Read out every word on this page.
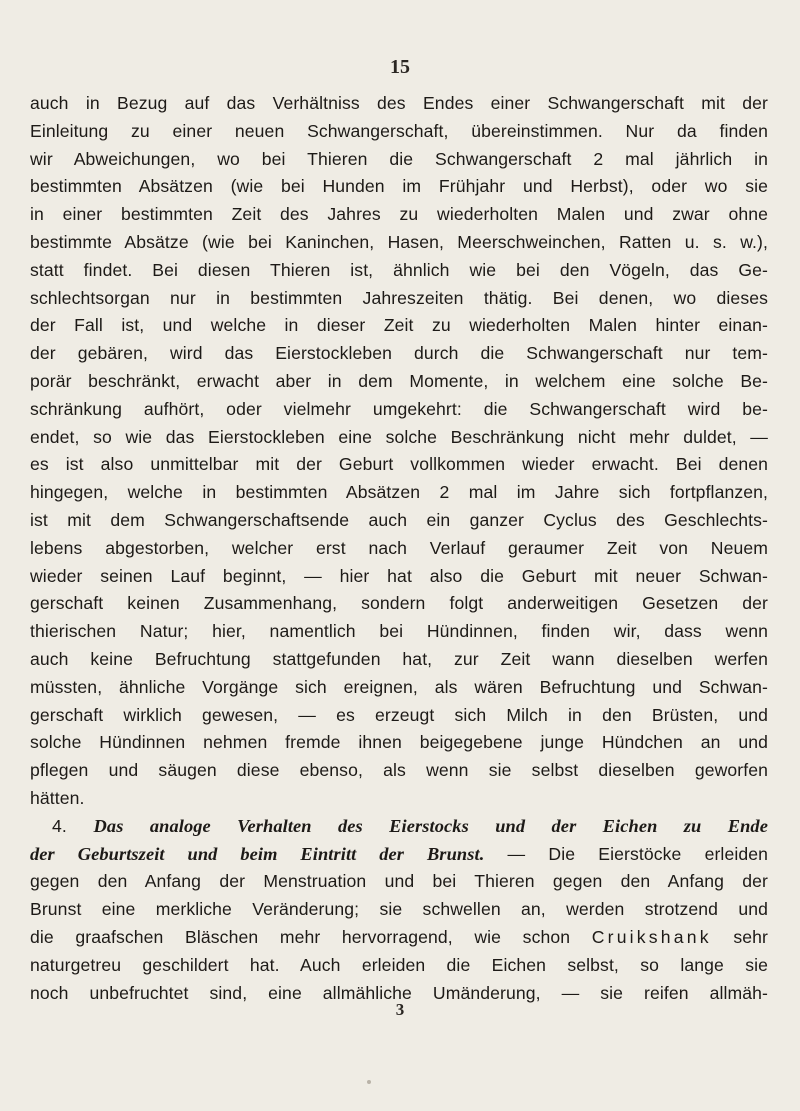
15
auch in Bezug auf das Verhältniss des Endes einer Schwangerschaft mit der
Einleitung zu einer neuen Schwangerschaft, übereinstimmen. Nur da finden
wir Abweichungen, wo bei Thieren die Schwangerschaft 2 mal jährlich in
bestimmten Absätzen (wie bei Hunden im Frühjahr und Herbst), oder wo sie
in einer bestimmten Zeit des Jahres zu wiederholten Malen und zwar ohne
bestimmte Absätze (wie bei Kaninchen, Hasen, Meerschweinchen, Ratten u. s. w.),
statt findet. Bei diesen Thieren ist, ähnlich wie bei den Vögeln, das Ge-
schlechtsorgan nur in bestimmten Jahreszeiten thätig. Bei denen, wo dieses
der Fall ist, und welche in dieser Zeit zu wiederholten Malen hinter einan-
der gebären, wird das Eierstockleben durch die Schwangerschaft nur tem-
porär beschränkt, erwacht aber in dem Momente, in welchem eine solche Be-
schränkung aufhört, oder vielmehr umgekehrt: die Schwangerschaft wird be-
endet, so wie das Eierstockleben eine solche Beschränkung nicht mehr duldet, —
es ist also unmittelbar mit der Geburt vollkommen wieder erwacht. Bei denen
hingegen, welche in bestimmten Absätzen 2 mal im Jahre sich fortpflanzen,
ist mit dem Schwangerschaftsende auch ein ganzer Cyclus des Geschlechts-
lebens abgestorben, welcher erst nach Verlauf geraumer Zeit von Neuem
wieder seinen Lauf beginnt, — hier hat also die Geburt mit neuer Schwan-
gerschaft keinen Zusammenhang, sondern folgt anderweitigen Gesetzen der
thierischen Natur; hier, namentlich bei Hündinnen, finden wir, dass wenn
auch keine Befruchtung stattgefunden hat, zur Zeit wann dieselben werfen
müssten, ähnliche Vorgänge sich ereignen, als wären Befruchtung und Schwan-
gerschaft wirklich gewesen, — es erzeugt sich Milch in den Brüsten, und
solche Hündinnen nehmen fremde ihnen beigegebene junge Hündchen an und
pflegen und säugen diese ebenso, als wenn sie selbst dieselben geworfen
hätten.
4. Das analoge Verhalten des Eierstocks und der Eichen zu Ende
der Geburtszeit und beim Eintritt der Brunst. — Die Eierstöcke erleiden
gegen den Anfang der Menstruation und bei Thieren gegen den Anfang der
Brunst eine merkliche Veränderung; sie schwellen an, werden strotzend und
die graafschen Bläschen mehr hervorragend, wie schon Cruikshank sehr
naturgetreu geschildert hat. Auch erleiden die Eichen selbst, so lange sie
noch unbefruchtet sind, eine allmähliche Umänderung, — sie reifen allmäh-
3
